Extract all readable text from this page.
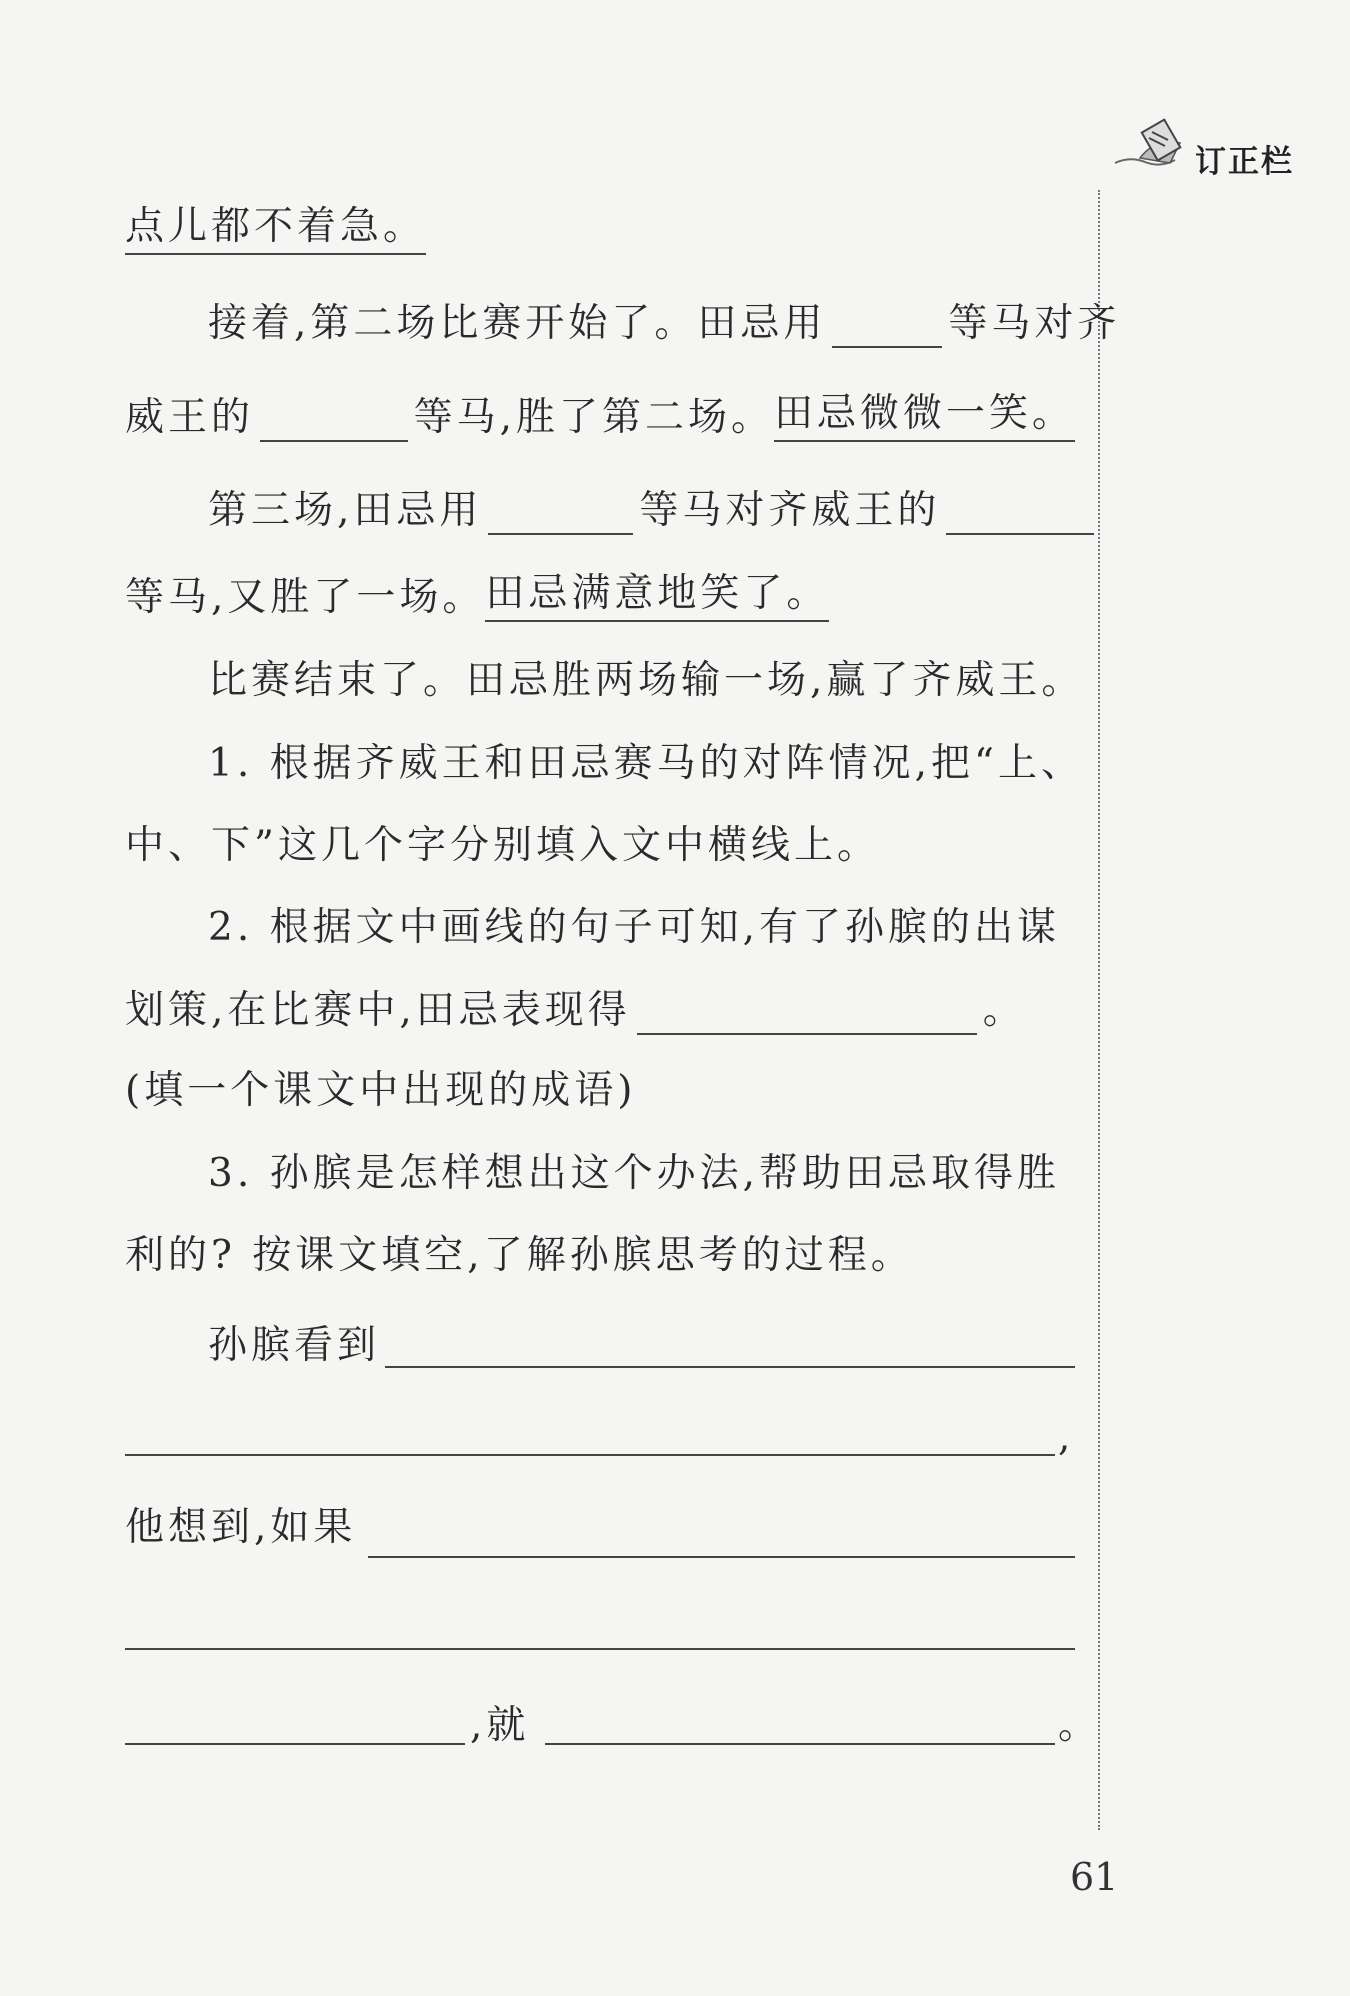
订正栏
点儿都不着急。
接着,第二场比赛开始了。田忌用	等马对齐
威王的	等马,胜了第二场。 田忌微微一笑。
第三场,田忌用	等马对齐威王的
等马,又胜了一场。 田忌满意地笑了。
比赛结束了。田忌胜两场输一场,赢了齐威王。
1. 根据齐威王和田忌赛马的对阵情况,把“上、
中、下”这几个字分别填入文中横线上。
2. 根据文中画线的句子可知,有了孙膑的出谋
划策,在比赛中,田忌表现得	。
(填一个课文中出现的成语)
3. 孙膑是怎样想出这个办法,帮助田忌取得胜
利的? 按课文填空,了解孙膑思考的过程。
孙膑看到
,
他想到,如果
,就	。
61
